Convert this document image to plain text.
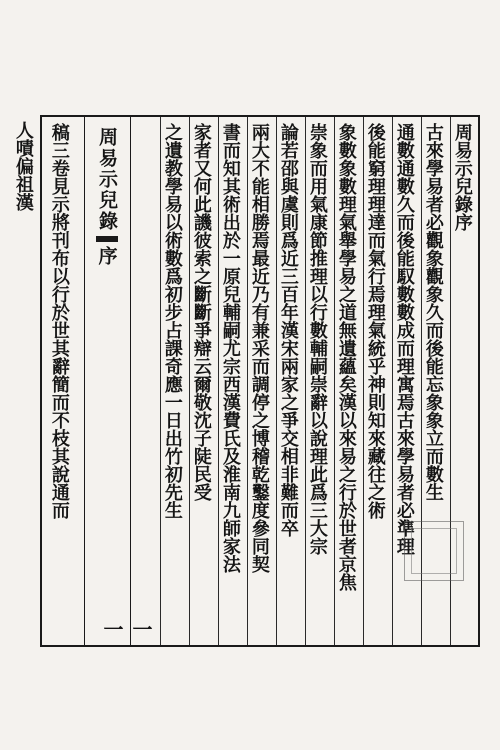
周易示兒錄
序
一一
周易示兒錄序
古來學易者必觀象觀象久而後能忘象象立而數生
通數通數久而後能馭數數成而理寓焉古來學易者必準理
後能窮理理達而氣行焉理氣統乎神則知來藏往之術
象數象數理氣舉學易之道無遺蘊矣漢以來易之行於世者京焦
崇象而用氣康節推理以行數輔嗣崇辭以說理此爲三大宗
論若邵與虞則爲近三百年漢宋兩家之爭交相非難而卒
兩大不能相勝焉最近乃有兼采而調停之博稽乾鑿度參同契
書而知其術出於一原兒輔嗣尤宗西漢費氏及淮南九師家法
家者又何此譏彼索之斷斷爭辯云爾敬沈子陡民受
之遺教學易以術數爲初步占課奇應一日出竹初先生
稿三卷見示將刊布以行於世其辭簡而不枝其說通而
人嘖偏祖漢
